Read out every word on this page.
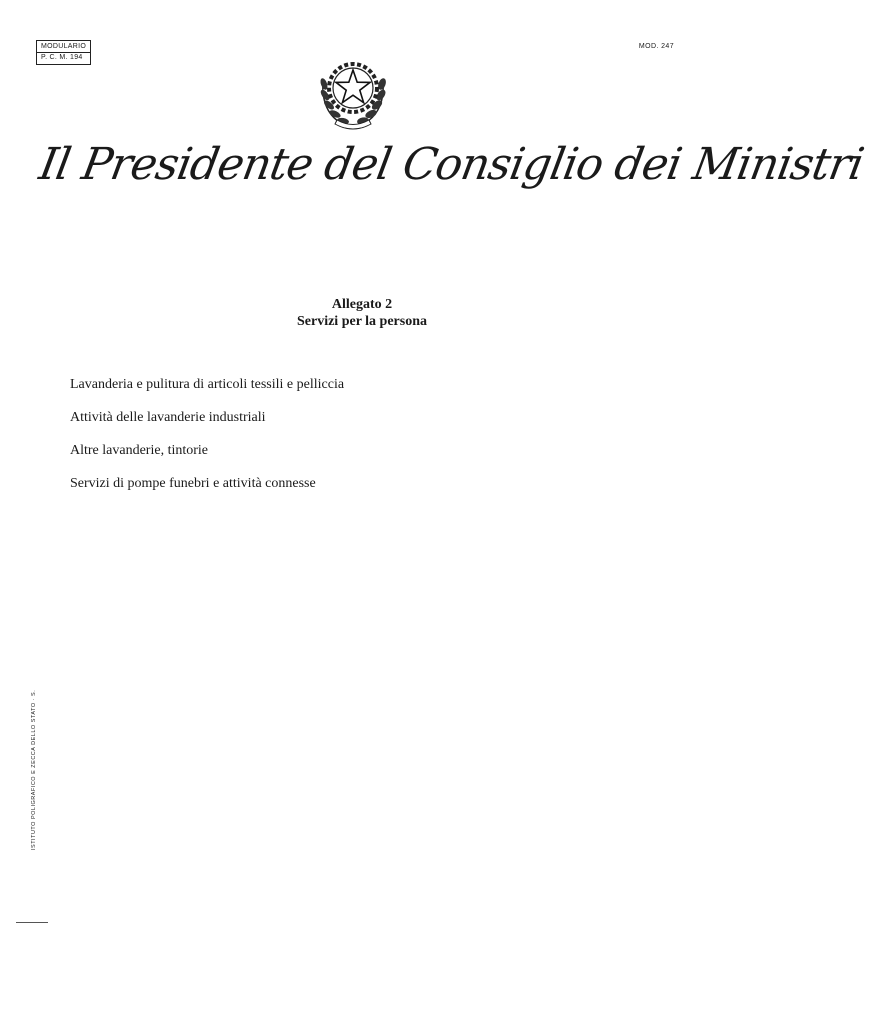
MODULARIO
P. C. M. 194
MOD. 247
Il Presidente del Consiglio dei Ministri
Allegato 2
Servizi per la persona
Lavanderia e pulitura di articoli tessili e pelliccia
Attività delle lavanderie industriali
Altre lavanderie, tintorie
Servizi di pompe funebri e attività connesse
ISTITUTO POLIGRAFICO E ZECCA DELLO STATO · S.
